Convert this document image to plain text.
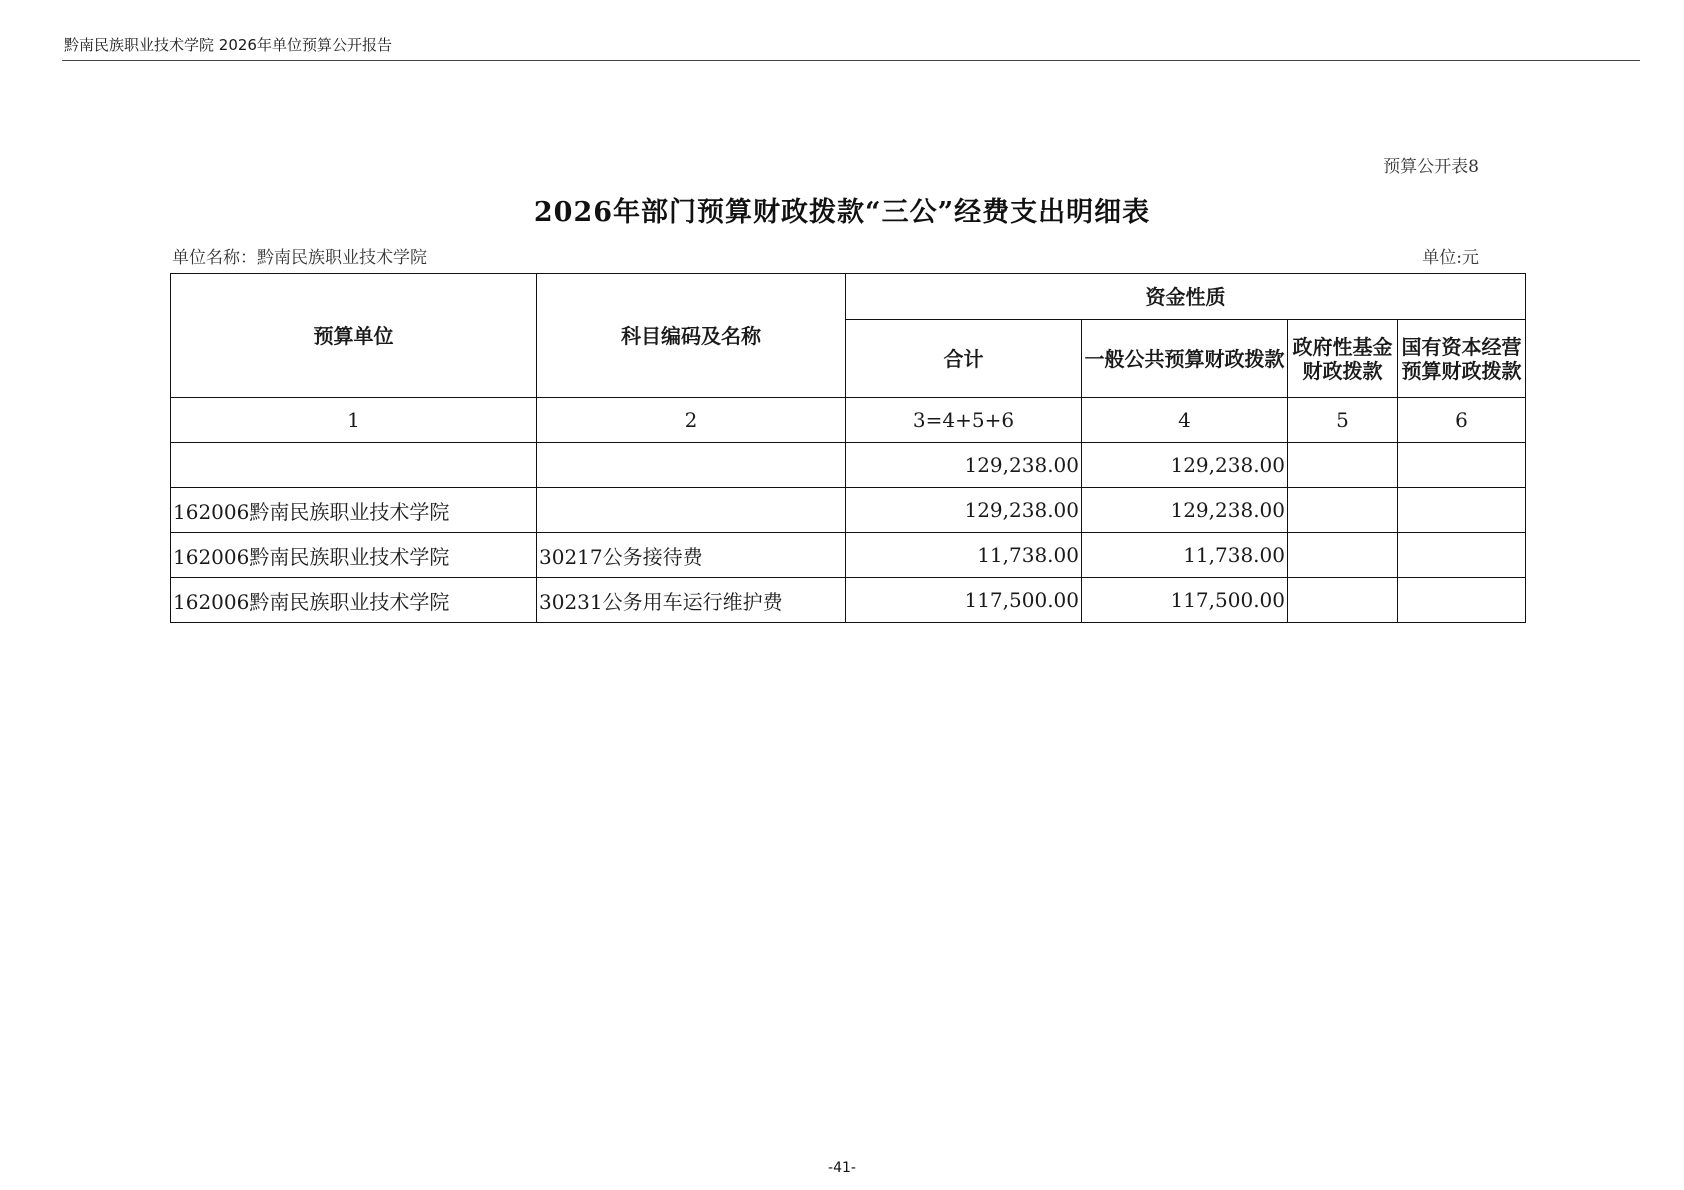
黔南民族职业技术学院 2026年单位预算公开报告
预算公开表8
2026年部门预算财政拨款“三公”经费支出明细表
单位名称：黔南民族职业技术学院	单位:元
预算单位	科目编码及名称	资金性质			
		合计	一般公共预算财政拨款	政府性基金财政拨款	国有资本经营预算财政拨款
1	2	3=4+5+6	4	5	6
		129,238.00	129,238.00		
162006黔南民族职业技术学院		129,238.00	129,238.00		
162006黔南民族职业技术学院	30217公务接待费	11,738.00	11,738.00		
162006黔南民族职业技术学院	30231公务用车运行维护费	117,500.00	117,500.00		
-41-
